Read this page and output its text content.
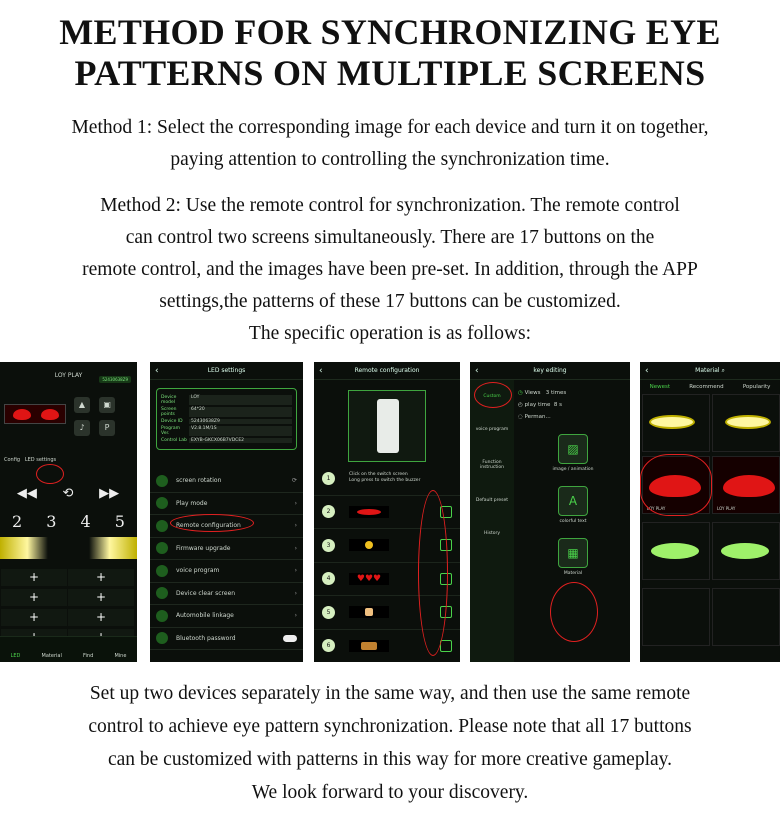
METHOD FOR SYNCHRONIZING EYE
PATTERNS ON MULTIPLE SCREENS
Method 1: Select the corresponding image for each device and turn it on together,
paying attention to controlling the synchronization time.
Method 2: Use the remote control for synchronization. The remote control
can control two screens simultaneously. There are 17 buttons on the
remote control, and the images have been pre-set. In addition, through the APP
settings,the patterns of these 17 buttons can be customized.
The specific operation is as follows:
LOY PLAY
52430638Z9
▲ ▣ ♪	P
Config LED settings
◀◀ ⟲ ▶▶
2 3 4 5
+	+ +	+ +	+
LED	Material	Find	Mine
‹	LED settings
Device model
LOY
Screen points
64*20
Device ID	52430638Z9
Program Ver.
V2.8.1M/1S
Control Lab EXYB-GKCX06B7VDCE2
screen rotation	⟳
Play mode	›
Remote configuration	›
Firmware upgrade	›
voice program	›
Device clear screen	›
Automobile linkage	›
Bluetooth password
‹	Remote configuration
1	Click on the switch screen
Long press to switch the buzzer
2
3
4	♥♥♥
5
6
‹	key editing
Custom
voice program
Function instruction
Default preset
History
◷ Views
3
times
◴ play time
8
s
◌ Perman...
▨
image / animation
A
colorful text
▦
Material
‹	Material ⌕
Newest	Recommend	Popularity
LOY PLAY	LOY PLAY
Set up two devices separately in the same way, and then use the same remote
control to achieve eye pattern synchronization. Please note that all 17 buttons
can be customized with patterns in this way for more creative gameplay.
We look forward to your discovery.
